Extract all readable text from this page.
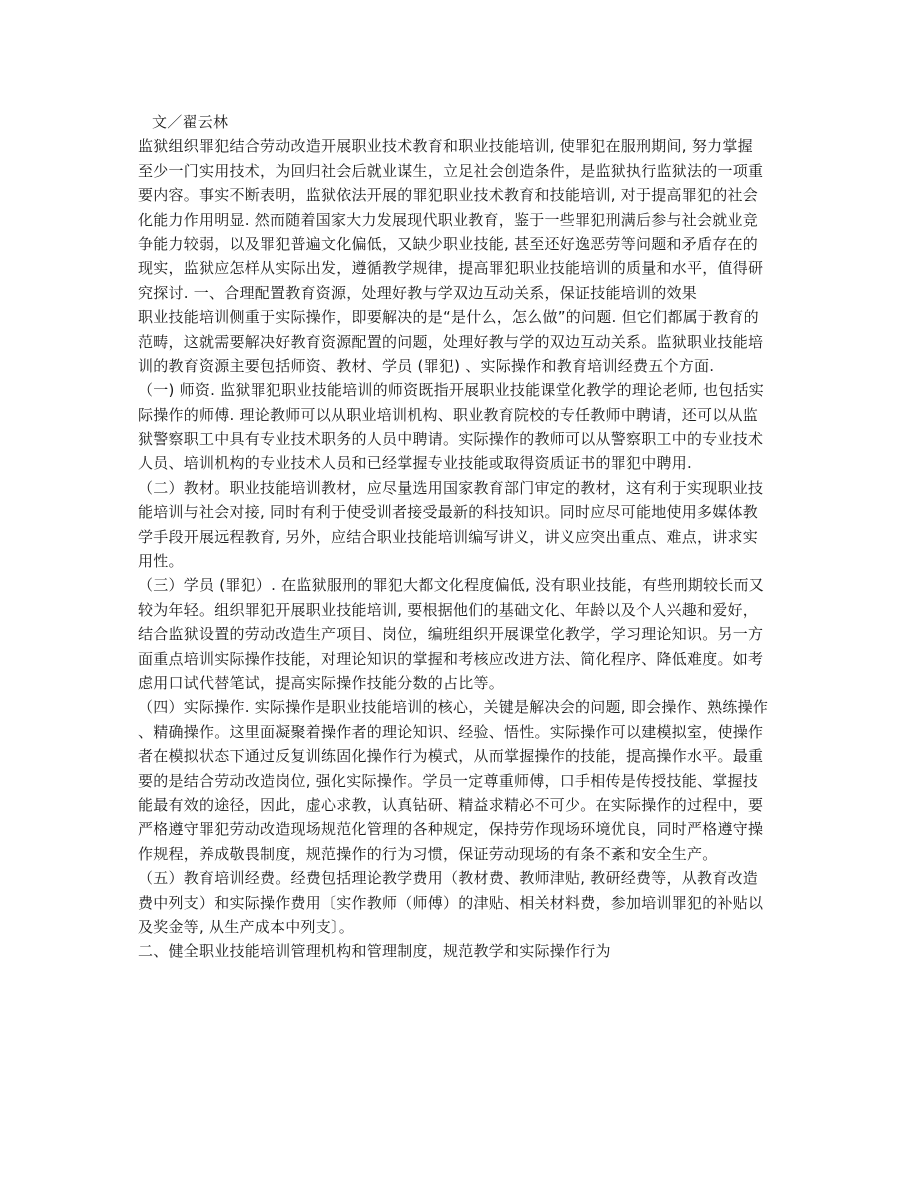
文／翟云林
监狱组织罪犯结合劳动改造开展职业技术教育和职业技能培训, 使罪犯在服刑期间, 努力掌握
至少一门实用技术，为回归社会后就业谋生，立足社会创造条件，是监狱执行监狱法的一项重
要内容。事实不断表明，监狱依法开展的罪犯职业技术教育和技能培训, 对于提高罪犯的社会
化能力作用明显. 然而随着国家大力发展现代职业教育，鉴于一些罪犯刑满后参与社会就业竞
争能力较弱，以及罪犯普遍文化偏低，又缺少职业技能, 甚至还好逸恶劳等问题和矛盾存在的
现实，监狱应怎样从实际出发，遵循教学规律，提高罪犯职业技能培训的质量和水平，值得研
究探讨. 一、合理配置教育资源，处理好教与学双边互动关系，保证技能培训的效果
职业技能培训侧重于实际操作，即要解决的是“是什么，怎么做”的问题. 但它们都属于教育的
范畴，这就需要解决好教育资源配置的问题，处理好教与学的双边互动关系。监狱职业技能培
训的教育资源主要包括师资、教材、学员 (罪犯) 、实际操作和教育培训经费五个方面.
（一) 师资. 监狱罪犯职业技能培训的师资既指开展职业技能课堂化教学的理论老师, 也包括实
际操作的师傅. 理论教师可以从职业培训机构、职业教育院校的专任教师中聘请，还可以从监
狱警察职工中具有专业技术职务的人员中聘请。实际操作的教师可以从警察职工中的专业技术
人员、培训机构的专业技术人员和已经掌握专业技能或取得资质证书的罪犯中聘用.
（二）教材。职业技能培训教材，应尽量选用国家教育部门审定的教材，这有利于实现职业技
能培训与社会对接, 同时有利于使受训者接受最新的科技知识。同时应尽可能地使用多媒体教
学手段开展远程教育, 另外，应结合职业技能培训编写讲义，讲义应突出重点、难点，讲求实
用性。
（三）学员 (罪犯）. 在监狱服刑的罪犯大都文化程度偏低, 没有职业技能，有些刑期较长而又
较为年轻。组织罪犯开展职业技能培训, 要根据他们的基础文化、年龄以及个人兴趣和爱好，
结合监狱设置的劳动改造生产项目、岗位，编班组织开展课堂化教学，学习理论知识。另一方
面重点培训实际操作技能，对理论知识的掌握和考核应改进方法、简化程序、降低难度。如考
虑用口试代替笔试，提高实际操作技能分数的占比等。
（四）实际操作. 实际操作是职业技能培训的核心，关键是解决会的问题, 即会操作、熟练操作
、精确操作。这里面凝聚着操作者的理论知识、经验、悟性。实际操作可以建模拟室，使操作
者在模拟状态下通过反复训练固化操作行为模式，从而掌握操作的技能，提高操作水平。最重
要的是结合劳动改造岗位, 强化实际操作。学员一定尊重师傅，口手相传是传授技能、掌握技
能最有效的途径，因此，虚心求教，认真钻研、精益求精必不可少。在实际操作的过程中，要
严格遵守罪犯劳动改造现场规范化管理的各种规定，保持劳作现场环境优良，同时严格遵守操
作规程，养成敬畏制度，规范操作的行为习惯，保证劳动现场的有条不紊和安全生产。
（五）教育培训经费。经费包括理论教学费用（教材费、教师津贴, 教研经费等，从教育改造
费中列支）和实际操作费用〔实作教师（师傅）的津贴、相关材料费，参加培训罪犯的补贴以
及奖金等, 从生产成本中列支〕。
二、健全职业技能培训管理机构和管理制度，规范教学和实际操作行为
